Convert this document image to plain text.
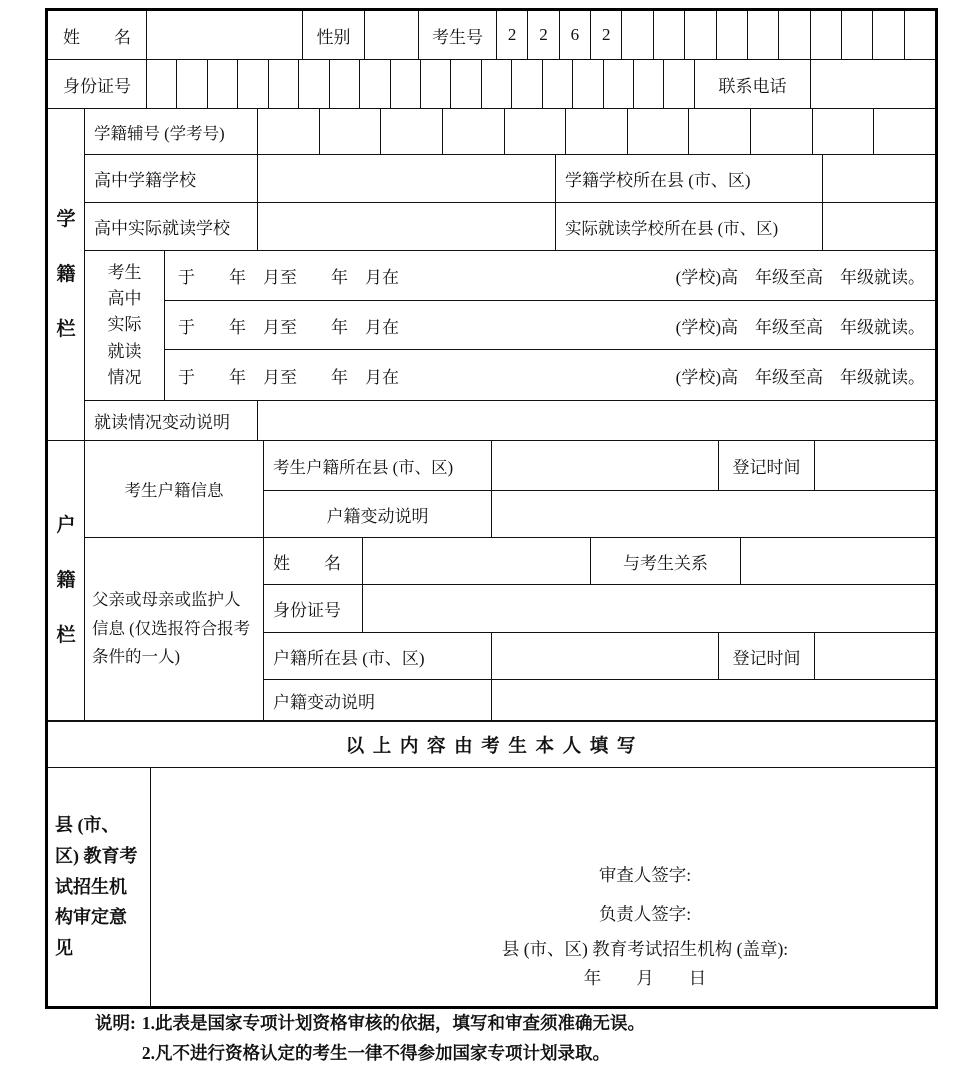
姓　　名	性别	考生号	2	2	6	2
身份证号	联系电话
学籍栏
学籍辅号 (学考号)
高中学籍学校	学籍学校所在县 (市、区)
高中实际就读学校	实际就读学校所在县 (市、区)
考生高中实际就读情况
于　　年　月至　　年　月在	(学校)高　年级至高　年级就读。
于　　年　月至　　年　月在	(学校)高　年级至高　年级就读。
于　　年　月至　　年　月在	(学校)高　年级至高　年级就读。
就读情况变动说明
户籍栏
考生户籍信息
考生户籍所在县 (市、区)	登记时间
户籍变动说明
父亲或母亲或监护人信息 (仅选报符合报考条件的一人)
姓　　名	与考生关系
身份证号
户籍所在县 (市、区)	登记时间
户籍变动说明
以 上 内 容 由 考 生 本 人 填 写
县 (市、区) 教育考试招生机构审定意见
审查人签字:
负责人签字:
县 (市、区) 教育考试招生机构 (盖章):
年　　月　　日
说明: 1.此表是国家专项计划资格审核的依据，填写和审查须准确无误。
2.凡不进行资格认定的考生一律不得参加国家专项计划录取。
